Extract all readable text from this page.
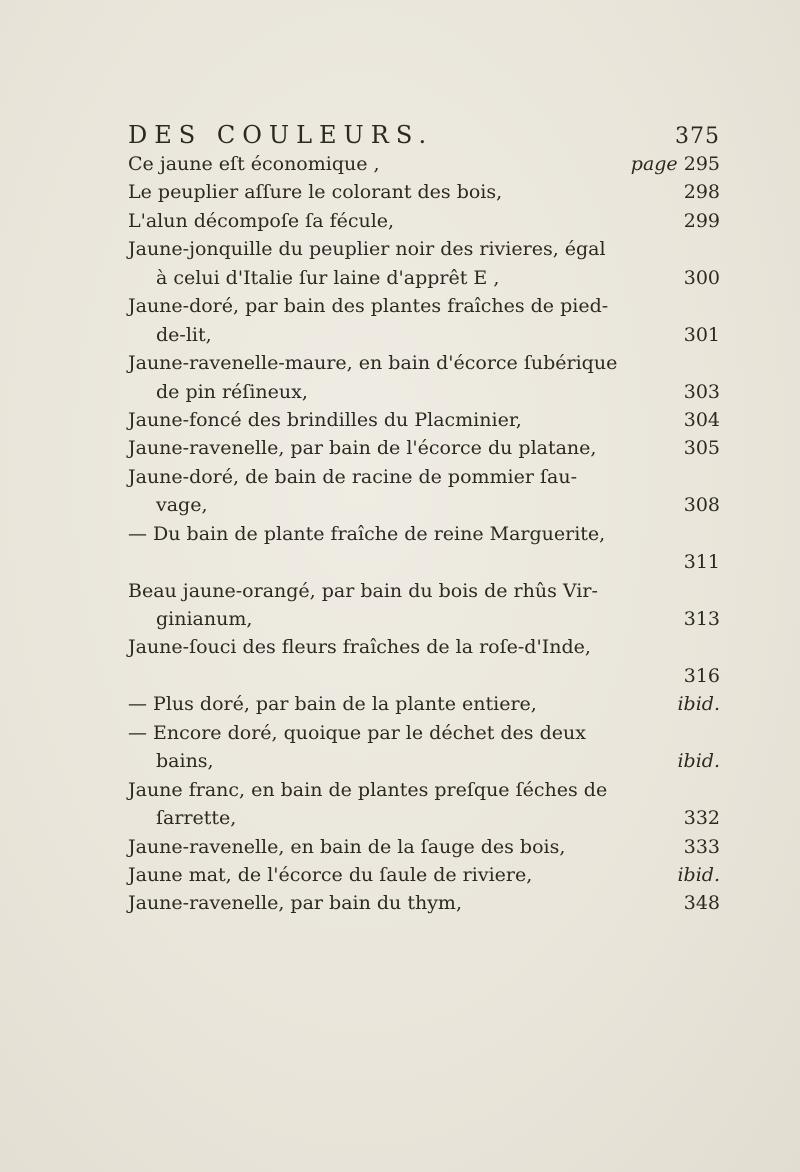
DES COULEURS.	375
Ce jaune eſt économique ,	page 295
Le peuplier aſſure le colorant des bois,	298
L'alun décompoſe ſa fécule,	299
Jaune-jonquille du peuplier noir des rivieres, égal
à celui d'Italie ſur laine d'apprêt E ,	300
Jaune-doré, par bain des plantes fraîches de pied-
de-lit,	301
Jaune-ravenelle-maure, en bain d'écorce ſubérique
de pin réſineux,	303
Jaune-foncé des brindilles du Placminier,	304
Jaune-ravenelle, par bain de l'écorce du platane,	305
Jaune-doré, de bain de racine de pommier ſau-
vage,	308
— Du bain de plante fraîche de reine Marguerite,
311
Beau jaune-orangé, par bain du bois de rhûs Vir-
ginianum,	313
Jaune-ſouci des fleurs fraîches de la roſe-d'Inde,
316
— Plus doré, par bain de la plante entiere,	ibid.
— Encore doré, quoique par le déchet des deux
bains,	ibid.
Jaune franc, en bain de plantes preſque ſéches de
ſarrette,	332
Jaune-ravenelle, en bain de la ſauge des bois,	333
Jaune mat, de l'écorce du ſaule de riviere,	ibid.
Jaune-ravenelle, par bain du thym,	348
